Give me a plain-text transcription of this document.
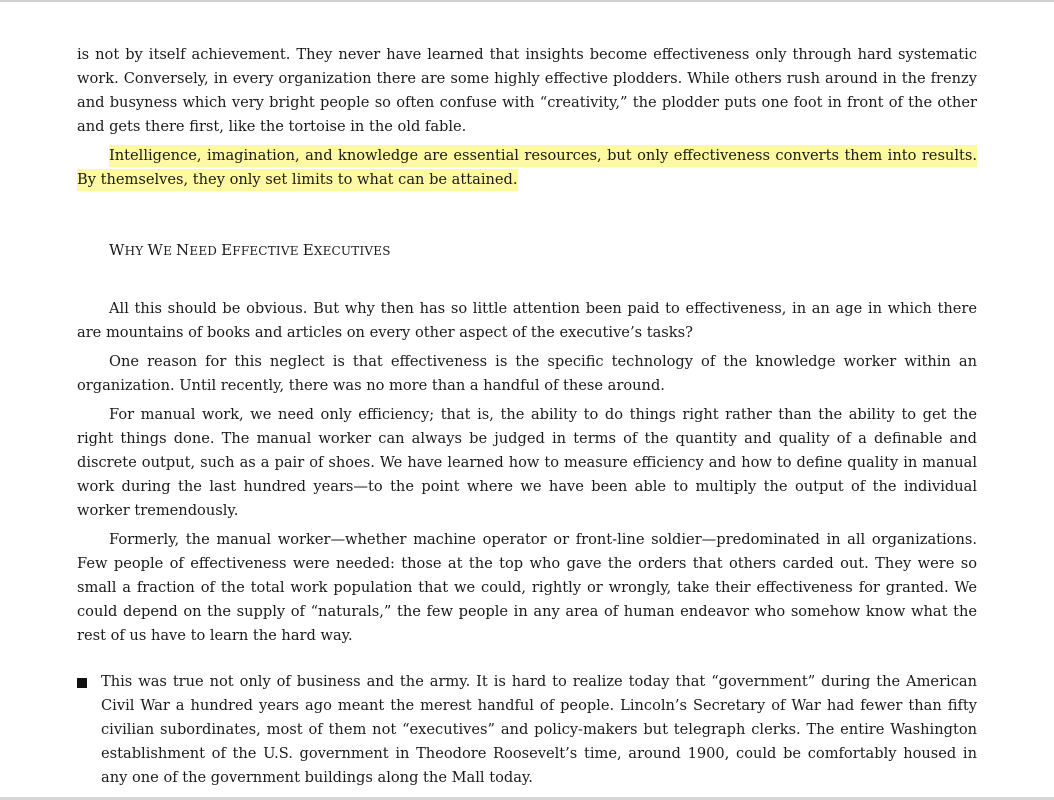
is not by itself achievement. They never have learned that insights become effectiveness only through hard systematic work. Conversely, in every organization there are some highly effective plodders. While others rush around in the frenzy and busyness which very bright people so often confuse with “creativity,” the plodder puts one foot in front of the other and gets there first, like the tortoise in the old fable.

Intelligence, imagination, and knowledge are essential resources, but only effectiveness converts them into results. By themselves, they only set limits to what can be attained.

WHY WE NEED EFFECTIVE EXECUTIVES

All this should be obvious. But why then has so little attention been paid to effectiveness, in an age in which there are mountains of books and articles on every other aspect of the executive’s tasks?

One reason for this neglect is that effectiveness is the specific technology of the knowledge worker within an organization. Until recently, there was no more than a handful of these around.

For manual work, we need only efficiency; that is, the ability to do things right rather than the ability to get the right things done. The manual worker can always be judged in terms of the quantity and quality of a definable and discrete output, such as a pair of shoes. We have learned how to measure efficiency and how to define quality in manual work during the last hundred years—to the point where we have been able to multiply the output of the individual worker tremendously.

Formerly, the manual worker—whether machine operator or front-line soldier—predominated in all organizations. Few people of effectiveness were needed: those at the top who gave the orders that others carded out. They were so small a fraction of the total work population that we could, rightly or wrongly, take their effectiveness for granted. We could depend on the supply of “naturals,” the few people in any area of human endeavor who somehow know what the rest of us have to learn the hard way.

This was true not only of business and the army. It is hard to realize today that “government” during the American Civil War a hundred years ago meant the merest handful of people. Lincoln’s Secretary of War had fewer than fifty civilian subordinates, most of them not “executives” and policy-makers but telegraph clerks. The entire Washington establishment of the U.S. government in Theodore Roosevelt’s time, around 1900, could be comfortably housed in any one of the government buildings along the Mall today.
